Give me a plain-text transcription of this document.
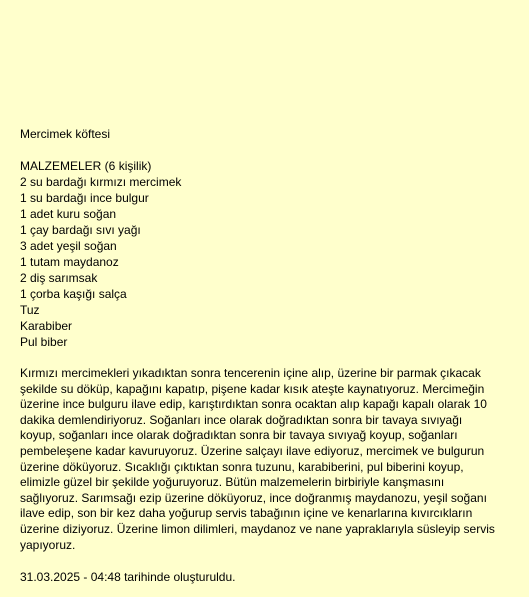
Mercimek köftesi

MALZEMELER (6 kişilik)

2 su bardağı kırmızı mercimek
1 su bardağı ince bulgur
1 adet kuru soğan
1 çay bardağı sıvı yağı
3 adet yeşil soğan
1 tutam maydanoz
2 diş sarımsak
1 çorba kaşığı salça
Tuz
Karabiber
Pul biber

Kırmızı mercimekleri yıkadıktan sonra tencerenin içine alıp, üzerine bir parmak çıkacak şekilde su döküp, kapağını kapatıp, pişene kadar kısık ateşte kaynatıyoruz. Mercimeğin üzerine ince bulguru ilave edip, karıştırdıktan sonra ocaktan alıp kapağı kapalı olarak 10 dakika demlendiriyoruz. Soğanları ince olarak doğradıktan sonra bir tavaya sıvıyağı koyup, soğanları ince olarak doğradıktan sonra bir tavaya sıvıyağ koyup, soğanları pembeleşene kadar kavuruyoruz. Üzerine salçayı ilave ediyoruz, mercimek ve bulgurun üzerine döküyoruz. Sıcaklığı çıktıktan sonra tuzunu, karabiberini, pul biberini koyup, elimizle güzel bir şekilde yoğuruyoruz. Bütün malzemelerin birbiriyle kanşmasını sağlıyoruz. Sarımsağı ezip üzerine döküyoruz, ince doğranmış maydanozu, yeşil soğanı ilave edip, son bir kez daha yoğurup servis tabağının içine ve kenarlarına kıvırcıkların üzerine diziyoruz. Üzerine limon dilimleri, maydanoz ve nane yapraklarıyla süsleyip servis yapıyoruz.

31.03.2025 - 04:48 tarihinde oluşturuldu.
